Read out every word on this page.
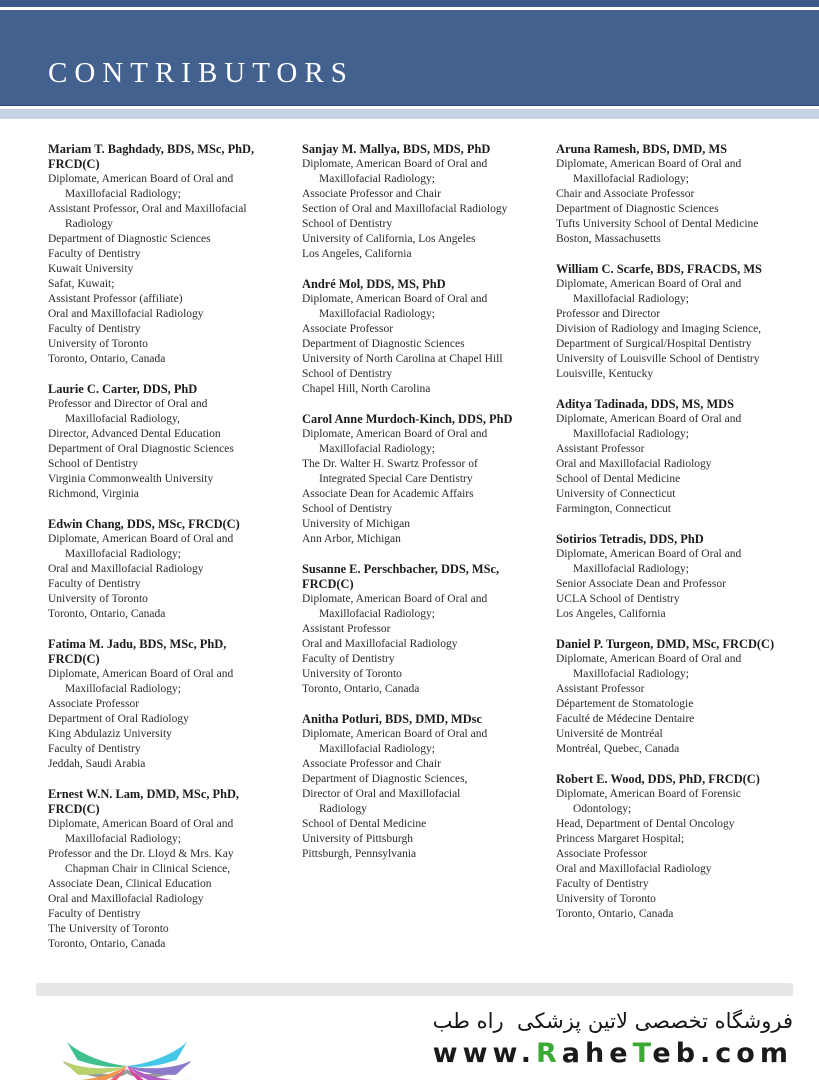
CONTRIBUTORS
Mariam T. Baghdady, BDS, MSc, PhD,
FRCD(C)
Diplomate, American Board of Oral and
Maxillofacial Radiology;
Assistant Professor, Oral and Maxillofacial
Radiology
Department of Diagnostic Sciences
Faculty of Dentistry
Kuwait University
Safat, Kuwait;
Assistant Professor (affiliate)
Oral and Maxillofacial Radiology
Faculty of Dentistry
University of Toronto
Toronto, Ontario, Canada
Laurie C. Carter, DDS, PhD
Professor and Director of Oral and
Maxillofacial Radiology,
Director, Advanced Dental Education
Department of Oral Diagnostic Sciences
School of Dentistry
Virginia Commonwealth University
Richmond, Virginia
Edwin Chang, DDS, MSc, FRCD(C)
Diplomate, American Board of Oral and
Maxillofacial Radiology;
Oral and Maxillofacial Radiology
Faculty of Dentistry
University of Toronto
Toronto, Ontario, Canada
Fatima M. Jadu, BDS, MSc, PhD,
FRCD(C)
Diplomate, American Board of Oral and
Maxillofacial Radiology;
Associate Professor
Department of Oral Radiology
King Abdulaziz University
Faculty of Dentistry
Jeddah, Saudi Arabia
Ernest W.N. Lam, DMD, MSc, PhD,
FRCD(C)
Diplomate, American Board of Oral and
Maxillofacial Radiology;
Professor and the Dr. Lloyd & Mrs. Kay
Chapman Chair in Clinical Science,
Associate Dean, Clinical Education
Oral and Maxillofacial Radiology
Faculty of Dentistry
The University of Toronto
Toronto, Ontario, Canada
Sanjay M. Mallya, BDS, MDS, PhD
Diplomate, American Board of Oral and
Maxillofacial Radiology;
Associate Professor and Chair
Section of Oral and Maxillofacial Radiology
School of Dentistry
University of California, Los Angeles
Los Angeles, California
André Mol, DDS, MS, PhD
Diplomate, American Board of Oral and
Maxillofacial Radiology;
Associate Professor
Department of Diagnostic Sciences
University of North Carolina at Chapel Hill
School of Dentistry
Chapel Hill, North Carolina
Carol Anne Murdoch-Kinch, DDS, PhD
Diplomate, American Board of Oral and
Maxillofacial Radiology;
The Dr. Walter H. Swartz Professor of
Integrated Special Care Dentistry
Associate Dean for Academic Affairs
School of Dentistry
University of Michigan
Ann Arbor, Michigan
Susanne E. Perschbacher, DDS, MSc,
FRCD(C)
Diplomate, American Board of Oral and
Maxillofacial Radiology;
Assistant Professor
Oral and Maxillofacial Radiology
Faculty of Dentistry
University of Toronto
Toronto, Ontario, Canada
Anitha Potluri, BDS, DMD, MDsc
Diplomate, American Board of Oral and
Maxillofacial Radiology;
Associate Professor and Chair
Department of Diagnostic Sciences,
Director of Oral and Maxillofacial
Radiology
School of Dental Medicine
University of Pittsburgh
Pittsburgh, Pennsylvania
Aruna Ramesh, BDS, DMD, MS
Diplomate, American Board of Oral and
Maxillofacial Radiology;
Chair and Associate Professor
Department of Diagnostic Sciences
Tufts University School of Dental Medicine
Boston, Massachusetts
William C. Scarfe, BDS, FRACDS, MS
Diplomate, American Board of Oral and
Maxillofacial Radiology;
Professor and Director
Division of Radiology and Imaging Science,
Department of Surgical/Hospital Dentistry
University of Louisville School of Dentistry
Louisville, Kentucky
Aditya Tadinada, DDS, MS, MDS
Diplomate, American Board of Oral and
Maxillofacial Radiology;
Assistant Professor
Oral and Maxillofacial Radiology
School of Dental Medicine
University of Connecticut
Farmington, Connecticut
Sotirios Tetradis, DDS, PhD
Diplomate, American Board of Oral and
Maxillofacial Radiology;
Senior Associate Dean and Professor
UCLA School of Dentistry
Los Angeles, California
Daniel P. Turgeon, DMD, MSc, FRCD(C)
Diplomate, American Board of Oral and
Maxillofacial Radiology;
Assistant Professor
Département de Stomatologie
Faculté de Médecine Dentaire
Université de Montréal
Montréal, Quebec, Canada
Robert E. Wood, DDS, PhD, FRCD(C)
Diplomate, American Board of Forensic
Odontology;
Head, Department of Dental Oncology
Princess Margaret Hospital;
Associate Professor
Oral and Maxillofacial Radiology
Faculty of Dentistry
University of Toronto
Toronto, Ontario, Canada
فروشگاه تخصصی لاتین پزشکی  راه طب
www.RaheTeb.com
